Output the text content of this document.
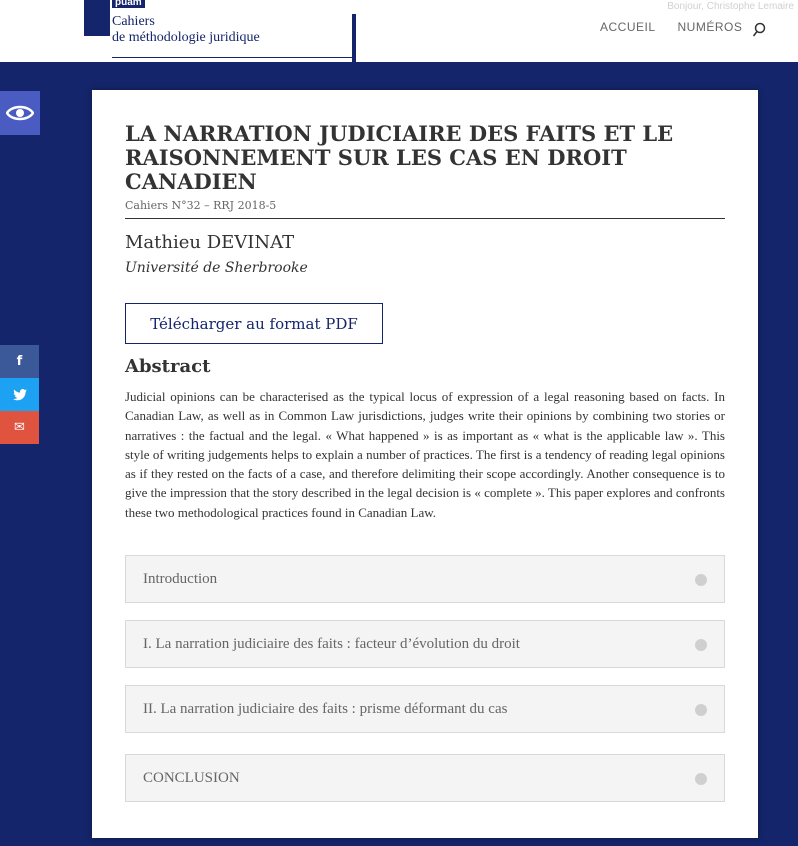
puam
Cahiers
de méthodologie juridique
Bonjour, Christophe Lemaire
ACCUEIL NUMÉROS
f
✉
LA NARRATION JUDICIAIRE DES FAITS ET LE RAISONNEMENT SUR LES CAS EN DROIT CANADIEN
Cahiers N°32 – RRJ 2018-5
Mathieu DEVINAT
Université de Sherbrooke
Télécharger au format PDF
Abstract

Judicial opinions can be characterised as the typical locus of expression of a legal reasoning based on facts. In Canadian Law, as well as in Common Law jurisdictions, judges write their opinions by combining two stories or narratives : the factual and the legal. « What happened » is as important as « what is the applicable law ». This style of writing judgements helps to explain a number of practices. The first is a tendency of reading legal opinions as if they rested on the facts of a case, and therefore delimiting their scope accordingly. Another consequence is to give the impression that the story described in the legal decision is « complete ». This paper explores and confronts these two methodological practices found in Canadian Law.

Introduction
I. La narration judiciaire des faits : facteur d’évolution du droit
II. La narration judiciaire des faits : prisme déformant du cas
CONCLUSION
